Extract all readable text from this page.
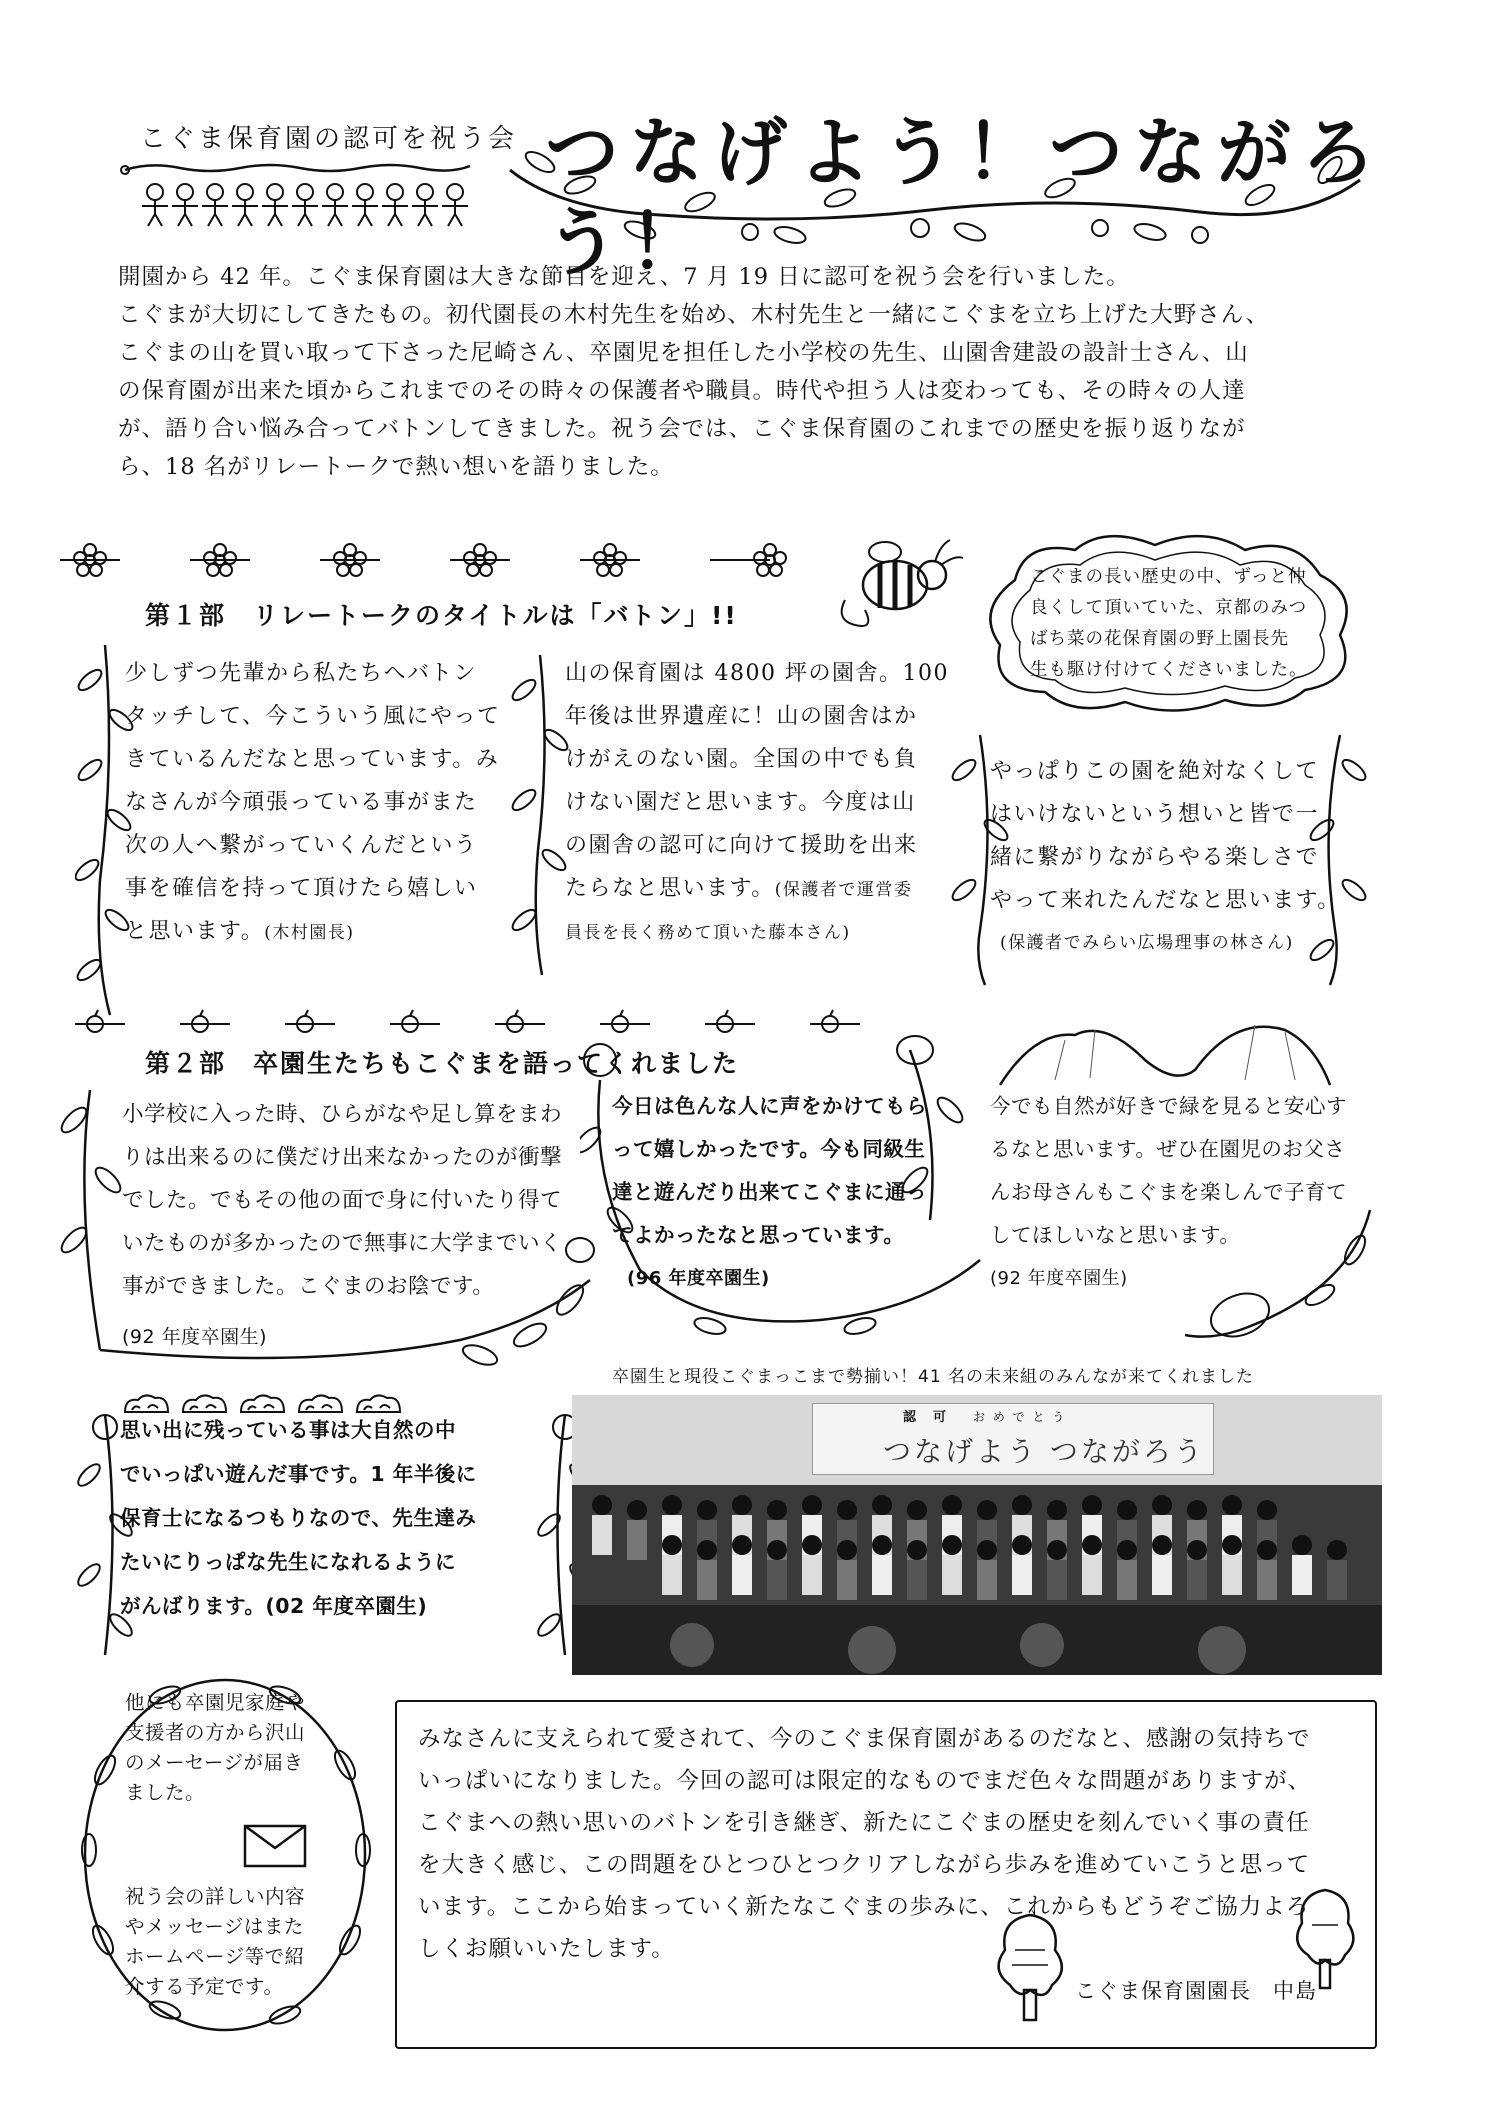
こぐま保育園の認可を祝う会 つなげよう！つながろう！

開園から 42 年。こぐま保育園は大きな節目を迎え、7 月 19 日に認可を祝う会を行いました。

こぐまが大切にしてきたもの。初代園長の木村先生を始め、木村先生と一緒にこぐまを立ち上げた大野さん、

こぐまの山を買い取って下さった尼崎さん、卒園児を担任した小学校の先生、山園舎建設の設計士さん、山

の保育園が出来た頃からこれまでのその時々の保護者や職員。時代や担う人は変わっても、その時々の人達

が、語り合い悩み合ってバトンしてきました。祝う会では、こぐま保育園のこれまでの歴史を振り返りなが

ら、18 名がリレートークで熱い想いを語りました。

こぐまの長い歴史の中、ずっと仲

良くして頂いていた、京都のみつ

ばち菜の花保育園の野上園長先

生も駆け付けてくださいました。

第１部　リレートークのタイトルは「バトン」!!

少しずつ先輩から私たちへバトン

タッチして、今こういう風にやって

きているんだなと思っています。み

なさんが今頑張っている事がまた

次の人へ繋がっていくんだという

事を確信を持って頂けたら嬉しい

と思います。(木村園長)

山の保育園は 4800 坪の園舎。100

年後は世界遺産に！山の園舎はか

けがえのない園。全国の中でも負

けない園だと思います。今度は山

の園舎の認可に向けて援助を出来

たらなと思います。(保護者で運営委

員長を長く務めて頂いた藤本さん)

やっぱりこの園を絶対なくして

はいけないという想いと皆で一

緒に繋がりながらやる楽しさで

やって来れたんだなと思います。

(保護者でみらい広場理事の林さん)

第２部　卒園生たちもこぐまを語ってくれました

小学校に入った時、ひらがなや足し算をまわ

りは出来るのに僕だけ出来なかったのが衝撃

でした。でもその他の面で身に付いたり得て

いたものが多かったので無事に大学までいく

事ができました。こぐまのお陰です。

(92 年度卒園生)

今日は色んな人に声をかけてもら

って嬉しかったです。今も同級生

達と遊んだり出来てこぐまに通っ

てよかったなと思っています。

(96 年度卒園生)

今でも自然が好きで緑を見ると安心す

るなと思います。ぜひ在園児のお父さ

んお母さんもこぐまを楽しんで子育て

してほしいなと思います。

(92 年度卒園生)

思い出に残っている事は大自然の中

でいっぱい遊んだ事です。1 年半後に

保育士になるつもりなので、先生達み

たいにりっぱな先生になれるように

がんばります。(02 年度卒園生)

卒園生と現役こぐまっこまで勢揃い！41 名の未来組のみんなが来てくれました
認　可 お め で と う
つなげよう つながろう

他にも卒園児家庭や

支援者の方から沢山

のメーセージが届き

ました。

祝う会の詳しい内容

やメッセージはまた

ホームページ等で紹

介する予定です。

みなさんに支えられて愛されて、今のこぐま保育園があるのだなと、感謝の気持ちで

いっぱいになりました。今回の認可は限定的なものでまだ色々な問題がありますが、

こぐまへの熱い思いのバトンを引き継ぎ、新たにこぐまの歴史を刻んでいく事の責任

を大きく感じ、この問題をひとつひとつクリアしながら歩みを進めていこうと思って

います。ここから始まっていく新たなこぐまの歩みに、これからもどうぞご協力よろ

しくお願いいたします。

こぐま保育園園長　中島
